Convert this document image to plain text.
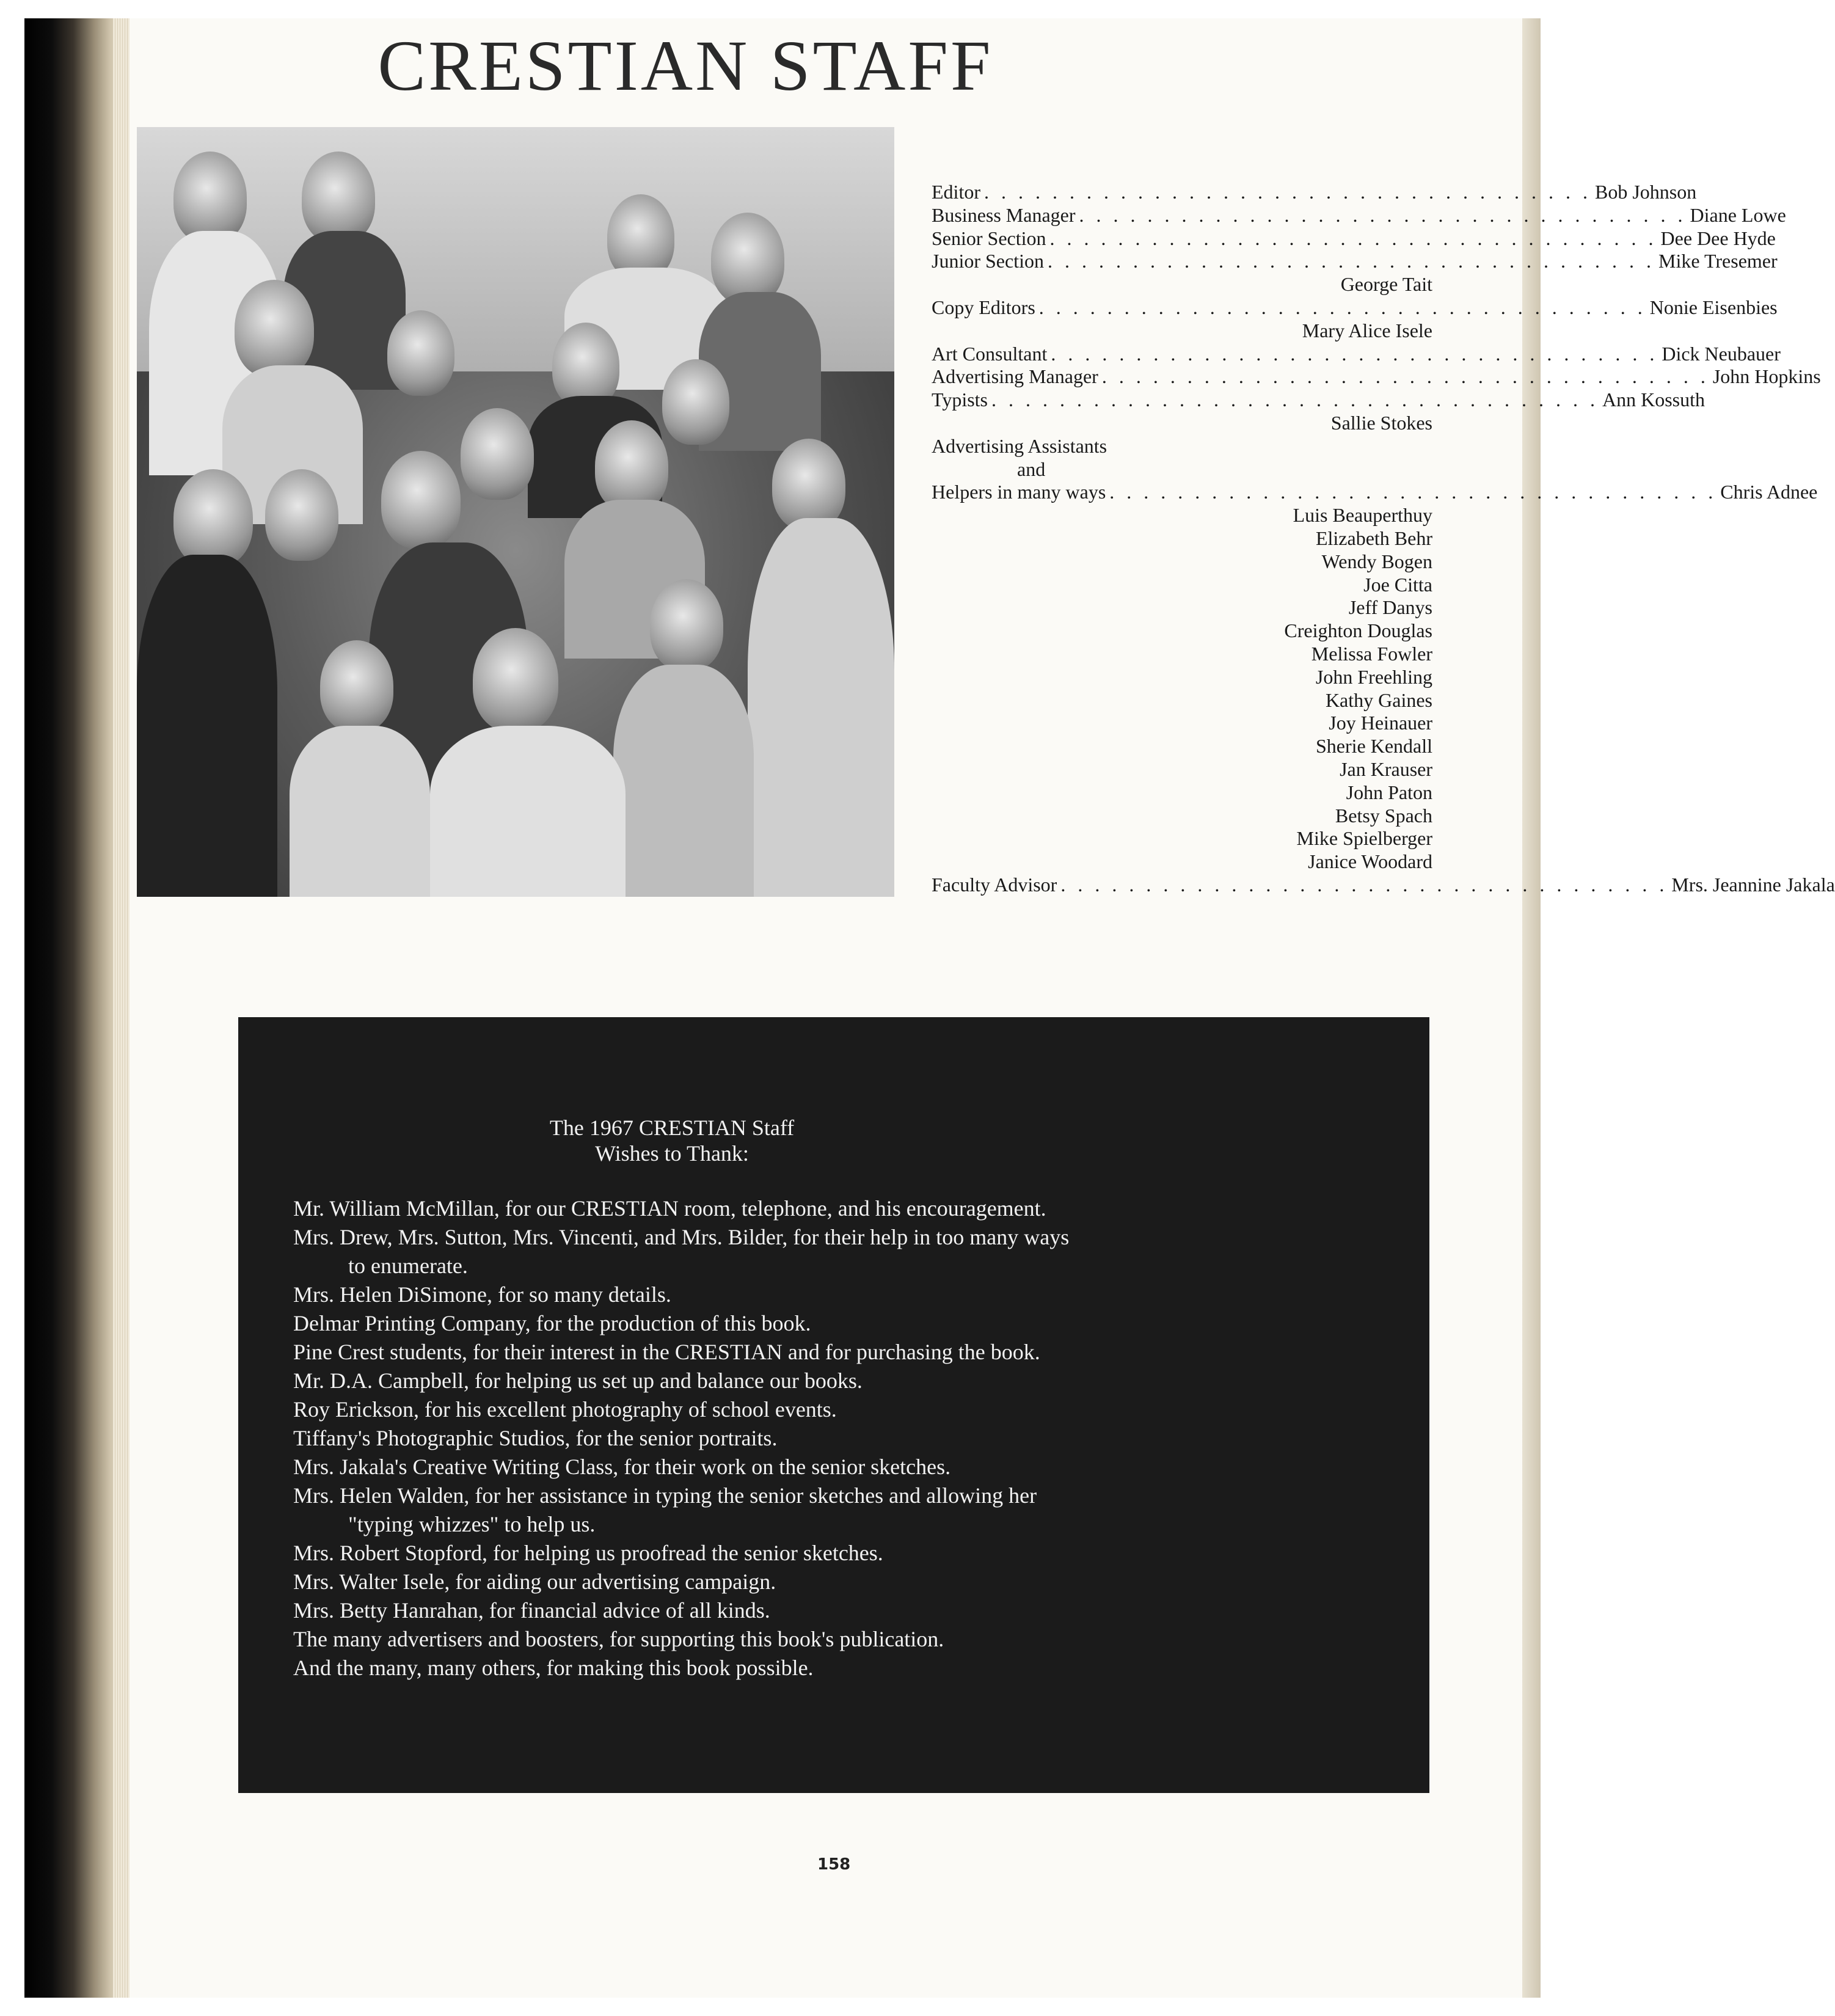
CRESTIAN STAFF
Editor . . . . . . . . . . . . . . . . . . . . . . . . . . . . . . . . . . . . Bob Johnson
Business Manager . . . . . . . . . . . . . . . . . . . . . . . . . . . . . . . . . . . . Diane Lowe
Senior Section . . . . . . . . . . . . . . . . . . . . . . . . . . . . . . . . . . . . Dee Dee Hyde
Junior Section . . . . . . . . . . . . . . . . . . . . . . . . . . . . . . . . . . . . Mike Tresemer
George Tait
Copy Editors . . . . . . . . . . . . . . . . . . . . . . . . . . . . . . . . . . . . Nonie Eisenbies
Mary Alice Isele
Art Consultant . . . . . . . . . . . . . . . . . . . . . . . . . . . . . . . . . . . . Dick Neubauer
Advertising Manager . . . . . . . . . . . . . . . . . . . . . . . . . . . . . . . . . . . . John Hopkins
Typists . . . . . . . . . . . . . . . . . . . . . . . . . . . . . . . . . . . . Ann Kossuth
Sallie Stokes
Advertising Assistants
and
Helpers in many ways . . . . . . . . . . . . . . . . . . . . . . . . . . . . . . . . . . . . Chris Adnee
Luis Beauperthuy
Elizabeth Behr
Wendy Bogen
Joe Citta
Jeff Danys
Creighton Douglas
Melissa Fowler
John Freehling
Kathy Gaines
Joy Heinauer
Sherie Kendall
Jan Krauser
John Paton
Betsy Spach
Mike Spielberger
Janice Woodard
Faculty Advisor . . . . . . . . . . . . . . . . . . . . . . . . . . . . . . . . . . . . Mrs. Jeannine Jakala
The 1967 CRESTIAN Staff
Wishes to Thank:
Mr. William McMillan, for our CRESTIAN room, telephone, and his encouragement.
Mrs. Drew, Mrs. Sutton, Mrs. Vincenti, and Mrs. Bilder, for their help in too many ways
to enumerate.
Mrs. Helen DiSimone, for so many details.
Delmar Printing Company, for the production of this book.
Pine Crest students, for their interest in the CRESTIAN and for purchasing the book.
Mr. D.A. Campbell, for helping us set up and balance our books.
Roy Erickson, for his excellent photography of school events.
Tiffany's Photographic Studios, for the senior portraits.
Mrs. Jakala's Creative Writing Class, for their work on the senior sketches.
Mrs. Helen Walden, for her assistance in typing the senior sketches and allowing her
"typing whizzes" to help us.
Mrs. Robert Stopford, for helping us proofread the senior sketches.
Mrs. Walter Isele, for aiding our advertising campaign.
Mrs. Betty Hanrahan, for financial advice of all kinds.
The many advertisers and boosters, for supporting this book's publication.
And the many, many others, for making this book possible.
158
